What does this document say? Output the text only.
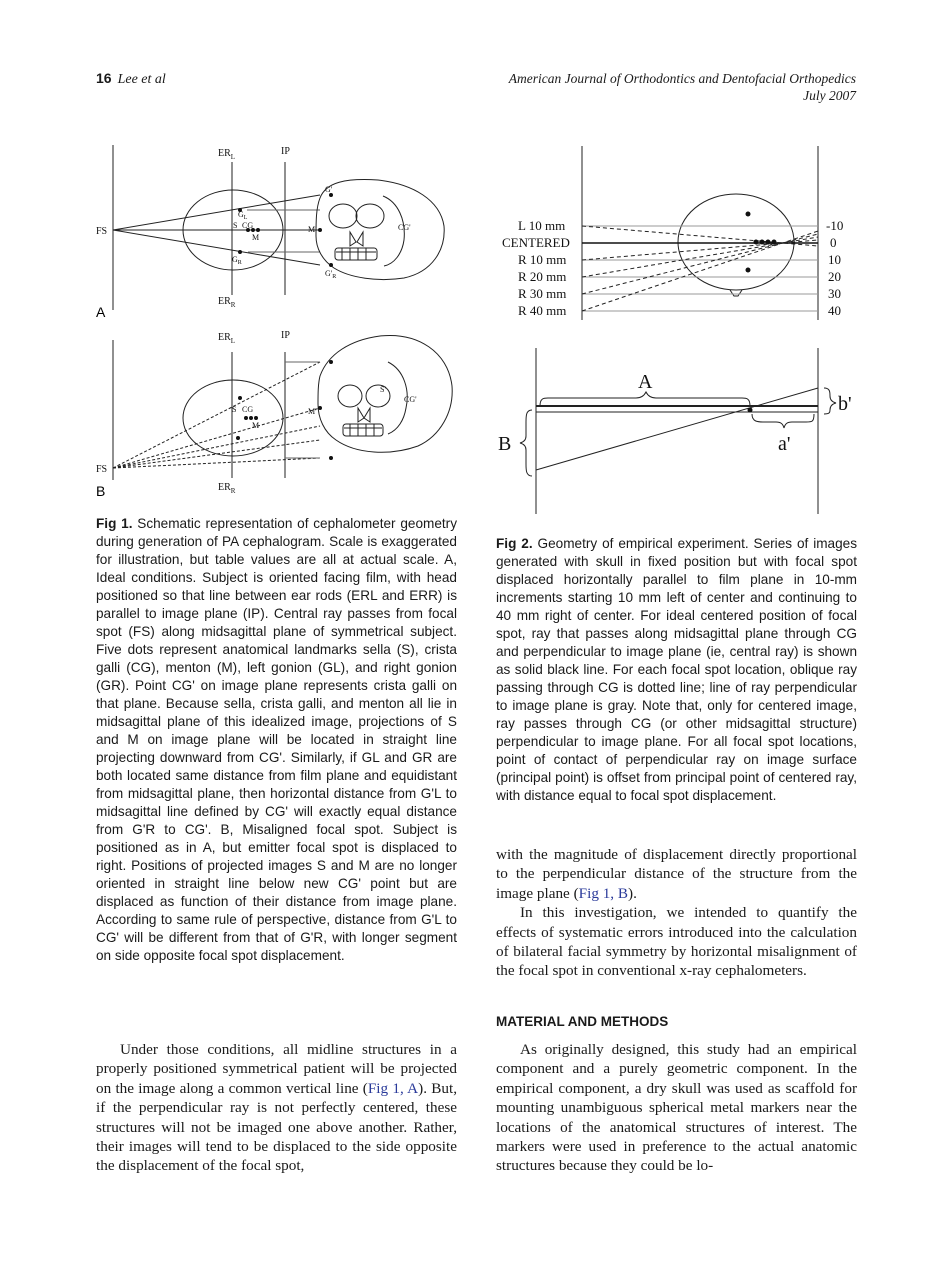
16 Lee et al	American Journal of Orthodontics and Dentofacial Orthopedics
July 2007
$ER_L$	IP
FS
S CG
M
$G_L$
$G_R$
M'	CG'
G'
$G'_R$
$ER_R$
A
$ER_L$	IP
FS
S CG
M
S'
CG'
M'
$ER_R$
B
L 10 mm
CENTERED
R 10 mm
R 20 mm
R 30 mm
R 40 mm
-10
0
10
20
30
40
A
B	a'
b'
Fig 1. Schematic representation of cephalometer geometry during generation of PA cephalogram. Scale is exaggerated for illustration, but table values are all at actual scale. A, Ideal conditions. Subject is oriented facing film, with head positioned so that line between ear rods (ERL and ERR) is parallel to image plane (IP). Central ray passes from focal spot (FS) along midsagittal plane of symmetrical subject. Five dots represent anatomical landmarks sella (S), crista galli (CG), menton (M), left gonion (GL), and right gonion (GR). Point CG' on image plane represents crista galli on that plane. Because sella, crista galli, and menton all lie in midsagittal plane of this idealized image, projections of S and M on image plane will be located in straight line projecting downward from CG'. Similarly, if GL and GR are both located same distance from film plane and equidistant from midsagittal plane, then horizontal distance from G'L to midsagittal line defined by CG' will exactly equal distance from G'R to CG'. B, Misaligned focal spot. Subject is positioned as in A, but emitter focal spot is displaced to right. Positions of projected images S and M are no longer oriented in straight line below new CG' point but are displaced as function of their distance from image plane. According to same rule of perspective, distance from G'L to CG' will be different from that of G'R, with longer segment on side opposite focal spot displacement.
Fig 2. Geometry of empirical experiment. Series of images generated with skull in fixed position but with focal spot displaced horizontally parallel to film plane in 10-mm increments starting 10 mm left of center and continuing to 40 mm right of center. For ideal centered position of focal spot, ray that passes along midsagittal plane through CG and perpendicular to image plane (ie, central ray) is shown as solid black line. For each focal spot location, oblique ray passing through CG is dotted line; line of ray perpendicular to image plane is gray. Note that, only for centered image, ray passes through CG (or other midsagittal structure) perpendicular to image plane. For all focal spot locations, point of contact of perpendicular ray on image surface (principal point) is offset from principal point of centered ray, with distance equal to focal spot displacement.

Under those conditions, all midline structures in a properly positioned symmetrical patient will be projected on the image along a common vertical line (Fig 1, A). But, if the perpendicular ray is not perfectly centered, these structures will not be imaged one above another. Rather, their images will tend to be displaced to the side opposite the displacement of the focal spot,

with the magnitude of displacement directly proportional to the perpendicular distance of the structure from the image plane (Fig 1, B).

In this investigation, we intended to quantify the effects of systematic errors introduced into the calculation of bilateral facial symmetry by horizontal misalignment of the focal spot in conventional x-ray cephalometers.

MATERIAL AND METHODS

As originally designed, this study had an empirical component and a purely geometric component. In the empirical component, a dry skull was used as scaffold for mounting unambiguous spherical metal markers near the locations of the anatomical structures of interest. The markers were used in preference to the actual anatomic structures because they could be lo-
